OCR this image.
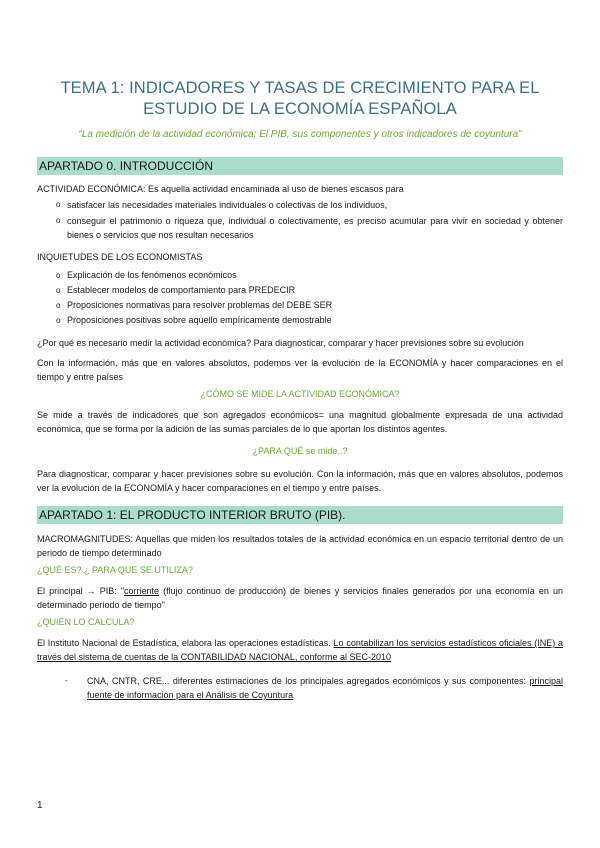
TEMA 1: INDICADORES Y TASAS DE CRECIMIENTO PARA EL
ESTUDIO DE LA ECONOMÍA ESPAÑOLA
“La medición de la actividad económica: El PIB, sus componentes y otros indicadores de coyuntura”
APARTADO 0. INTRODUCCIÓN

ACTIVIDAD ECONÓMICA: Es aquella actividad encaminada al uso de bienes escasos para

o satisfacer las necesidades materiales individuales o colectivas de los individuos,
o conseguir el patrimonio o riqueza que, individual o colectivamente, es preciso acumular para vivir en sociedad y obtener bienes o servicios que nos resultan necesarios

INQUIETUDES DE LOS ECONOMISTAS

o Explicación de los fenómenos económicos
o Establecer modelos de comportamiento para PREDECIR
o Proposiciones normativas para resolver problemas del DEBE SER
o Proposiciones positivas sobre aquello empíricamente demostrable

¿Por qué es necesario medir la actividad económica? Para diagnosticar, comparar y hacer previsiones sobre su evolución

Con la información, más que en valores absolutos, podemos ver la evolución de la ECONOMÍA y hacer comparaciones en el tiempo y entre países

¿CÓMO SE MIDE LA ACTIVIDAD ECONÓMICA?

Se mide a través de indicadores que son agregados económicos= una magnitud globalmente expresada de una actividad económica, que se forma por la adición de las sumas parciales de lo que aportan los distintos agentes.

¿PARA QUÉ se mide..?

Para diagnosticar, comparar y hacer previsiones sobre su evolución. Con la información, más que en valores absolutos, podemos ver la evolución de la ECONOMÍA y hacer comparaciones en el tiempo y entre países.

APARTADO 1: EL PRODUCTO INTERIOR BRUTO (PIB).

MACROMAGNITUDES: Aquellas que miden los resultados totales de la actividad económica en un espacio territorial dentro de un periodo de tiempo determinado

¿QUÉ ES? ¿ PARA QUE SE UTILIZA?

El principal → PIB: "corriente (flujo continuo de producción) de bienes y servicios finales generados por una economía en un determinado periodo de tiempo"

¿QUIÉN LO CALCULA?

El Instituto Nacional de Estadística, elabora las operaciones estadísticas. Lo contabilizan los servicios estadísticos oficiales (INE) a través del sistema de cuentas de la CONTABILIDAD NACIONAL, conforme al SEC-2010

- CNA, CNTR, CRE... diferentes estimaciones de los principales agregados económicos y sus componentes: principal fuente de información para el Análisis de Coyuntura
1
